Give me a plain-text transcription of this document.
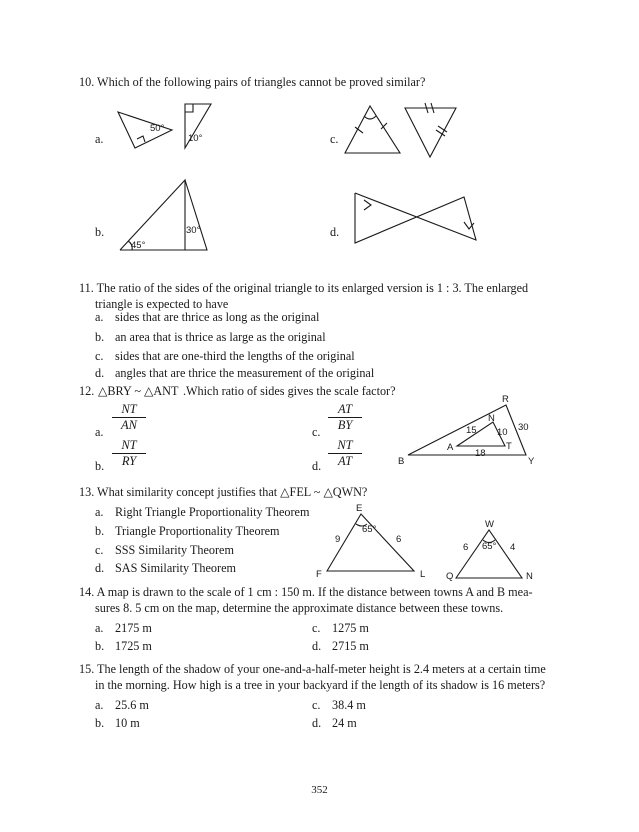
10. Which of the following pairs of triangles cannot be proved similar?
a.	c.
b.	d.
50°
10°
30°
45°
11. The ratio of the sides of the original triangle to its enlarged version is 1 : 3. The enlarged
triangle is expected to have
a. sides that are thrice as long as the original
b. an area that is thrice as large as the original
c. sides that are one-third the lengths of the original
d. angles that are thrice the measurement of the original
12. △BRY ~ △ANT .Which ratio of sides gives the scale factor?
a. $\frac{NT}{AN}$
b. $\frac{NT}{RY}$
c. $\frac{AT}{BY}$
d. $\frac{NT}{AT}$
R
B	Y
A
N
T
15 10
18
30
13. What similarity concept justifies that △FEL ~ △QWN?
a. Right Triangle Proportionality Theorem
b. Triangle Proportionality Theorem
c. SSS Similarity Theorem
d. SAS Similarity Theorem
E
F	L
9	6
65°	W
Q	N
6	4
65°
14. A map is drawn to the scale of 1 cm : 150 m. If the distance between towns A and B mea-
sures 8. 5 cm on the map, determine the approximate distance between these towns.
a. 2175 m
b. 1725 m
c. 1275 m
d. 2715 m
15. The length of the shadow of your one-and-a-half-meter height is 2.4 meters at a certain time
in the morning. How high is a tree in your backyard if the length of its shadow is 16 meters?
a. 25.6 m
b. 10 m
c. 38.4 m
d. 24 m
352
